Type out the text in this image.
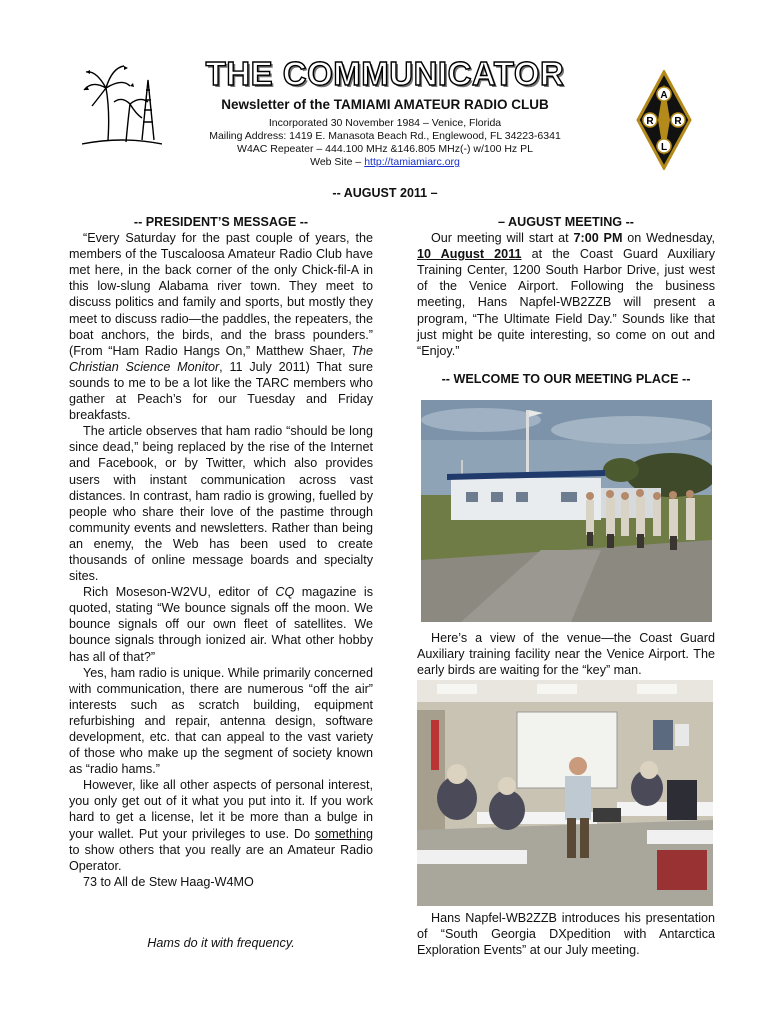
A
R R
L
THE COMMUNICATOR
Newsletter of the TAMIAMI AMATEUR RADIO CLUB
Incorporated 30 November 1984 – Venice, Florida
Mailing Address: 1419 E. Manasota Beach Rd., Englewood, FL 34223-6341
W4AC Repeater – 444.100 MHz &146.805 MHz(-) w/100 Hz PL
Web Site – http://tamiamiarc.org
-- AUGUST 2011 –
-- PRESIDENT’S MESSAGE --

“Every Saturday for the past couple of years, the members of the Tuscaloosa Amateur Radio Club have met here, in the back corner of the only Chick-fil-A in this low-slung Alabama river town. They meet to discuss politics and family and sports, but mostly they meet to discuss radio—the paddles, the repeaters, the boat anchors, the birds, and the brass pounders.” (From “Ham Radio Hangs On,” Matthew Shaer, The Christian Science Monitor, 11 July 2011) That sure sounds to me to be a lot like the TARC members who gather at Peach’s for our Tuesday and Friday breakfasts.

The article observes that ham radio “should be long since dead,” being replaced by the rise of the Internet and Facebook, or by Twitter, which also provides users with instant communication across vast distances. In contrast, ham radio is growing, fuelled by people who share their love of the pastime through community events and newsletters. Rather than being an enemy, the Web has been used to create thousands of online message boards and specialty sites.

Rich Moseson-W2VU, editor of CQ magazine is quoted, stating “We bounce signals off the moon. We bounce signals off our own fleet of satellites. We bounce signals through ionized air. What other hobby has all of that?”

Yes, ham radio is unique. While primarily concerned with communication, there are numerous “off the air” interests such as scratch building, equipment refurbishing and repair, antenna design, software development, etc. that can appeal to the vast variety of those who make up the segment of society known as “radio hams.”

However, like all other aspects of personal interest, you only get out of it what you put into it. If you work hard to get a license, let it be more than a bulge in your wallet. Put your privileges to use. Do something to show others that you really are an Amateur Radio Operator.

73 to All de Stew Haag-W4MO

Hams do it with frequency.
– AUGUST MEETING --

Our meeting will start at 7:00 PM on Wednesday, 10 August 2011 at the Coast Guard Auxiliary Training Center, 1200 South Harbor Drive, just west of the Venice Airport. Following the business meeting, Hans Napfel-WB2ZZB will present a program, “The Ultimate Field Day.” Sounds like that just might be quite interesting, so come on out and “Enjoy.”

-- WELCOME TO OUR MEETING PLACE --

Here’s a view of the venue—the Coast Guard Auxiliary training facility near the Venice Airport. The early birds are waiting for the “key” man.

Hans Napfel-WB2ZZB introduces his presentation of “South Georgia DXpedition with Antarctica Exploration Events” at our July meeting.
